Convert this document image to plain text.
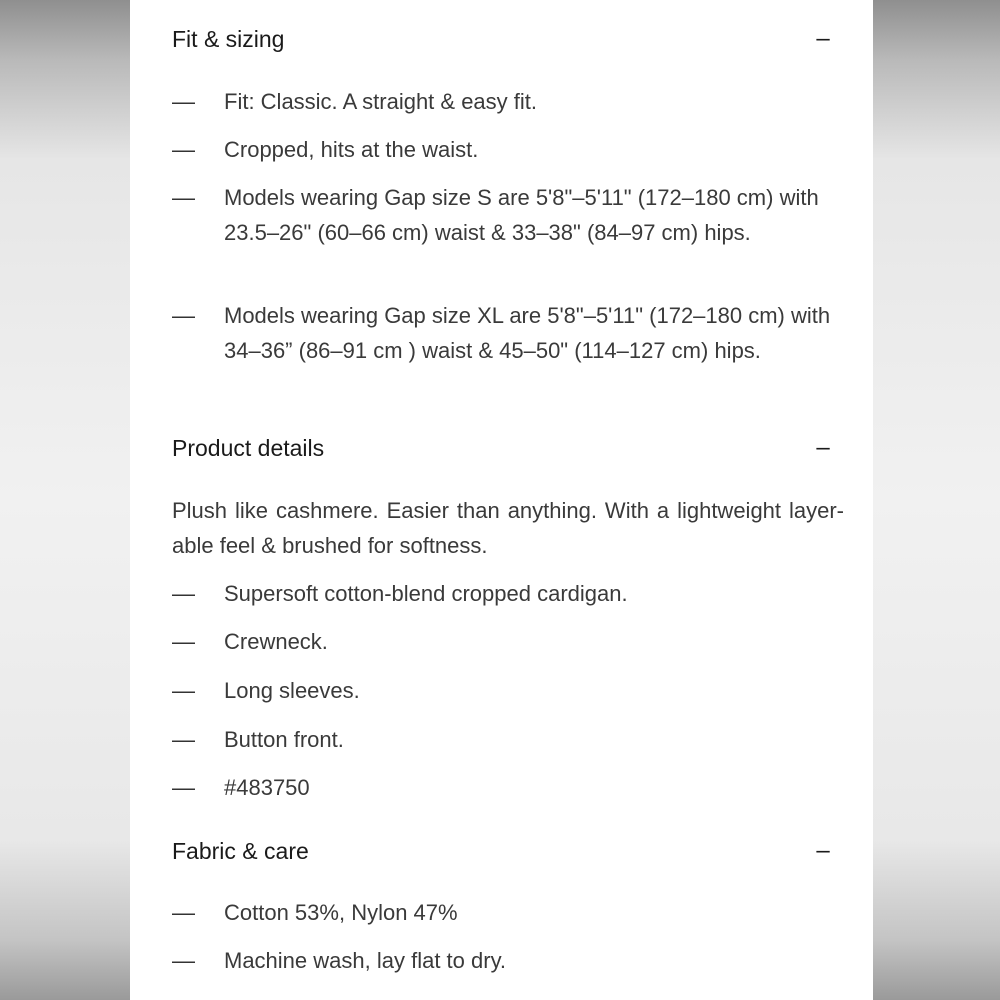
Fit & sizing	–
—	Fit: Classic. A straight & easy fit.
—	Cropped, hits at the waist.
—	Models wearing Gap size S are 5'8"–5'11" (172–180 cm) with 23.5–26" (60–66 cm) waist & 33–38" (84–97 cm) hips.
—	Models wearing Gap size XL are 5'8"–5'11" (172–180 cm) with 34–36” (86–91 cm ) waist & 45–50" (114–127 cm) hips.
Product details	–
Plush like cashmere. Easier than anything. With a lightweight layer-able feel & brushed for softness.
—	Supersoft cotton-blend cropped cardigan.
—	Crewneck.
—	Long sleeves.
—	Button front.
—	#483750
Fabric & care	–
—	Cotton 53%, Nylon 47%
—	Machine wash, lay flat to dry.
